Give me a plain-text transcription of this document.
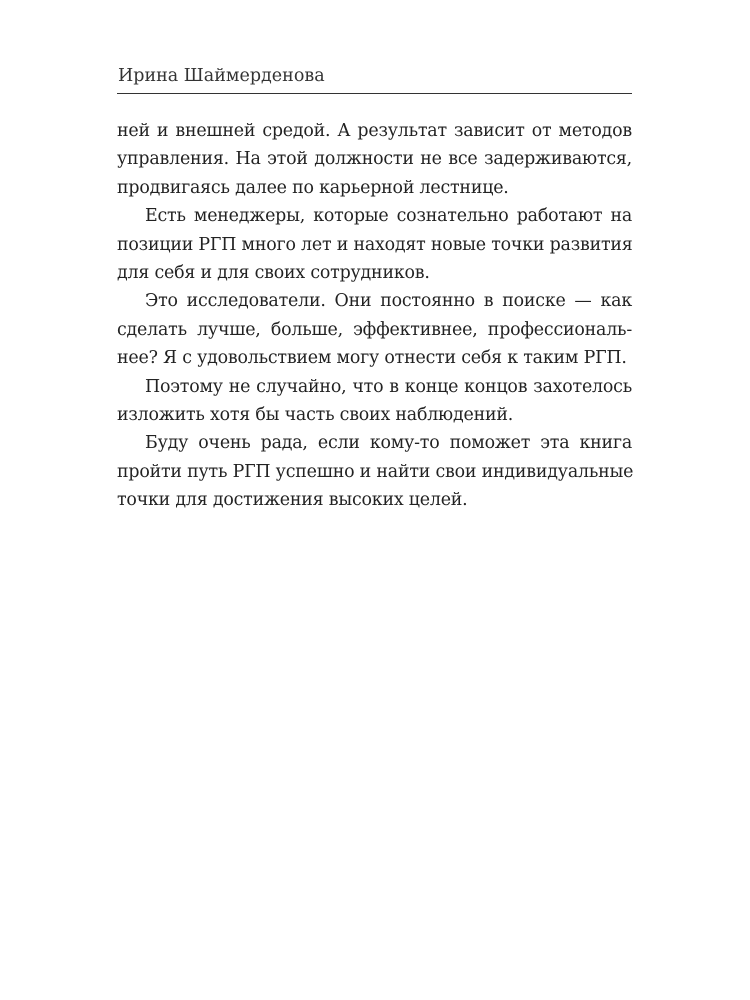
Ирина Шаймерденова

ней и внешней средой. А результат зависит от методов
управления. На этой должности не все задерживаются,
продвигаясь далее по карьерной лестнице.

Есть менеджеры, которые сознательно работают на
позиции РГП много лет и находят новые точки развития
для себя и для своих сотрудников.

Это исследователи. Они постоянно в поиске — как
сделать лучше, больше, эффективнее, профессиональ-
нее? Я с удовольствием могу отнести себя к таким РГП.

Поэтому не случайно, что в конце концов захотелось
изложить хотя бы часть своих наблюдений.

Буду очень рада, если кому-то поможет эта книга
пройти путь РГП успешно и найти свои индивидуальные
точки для достижения высоких целей.
